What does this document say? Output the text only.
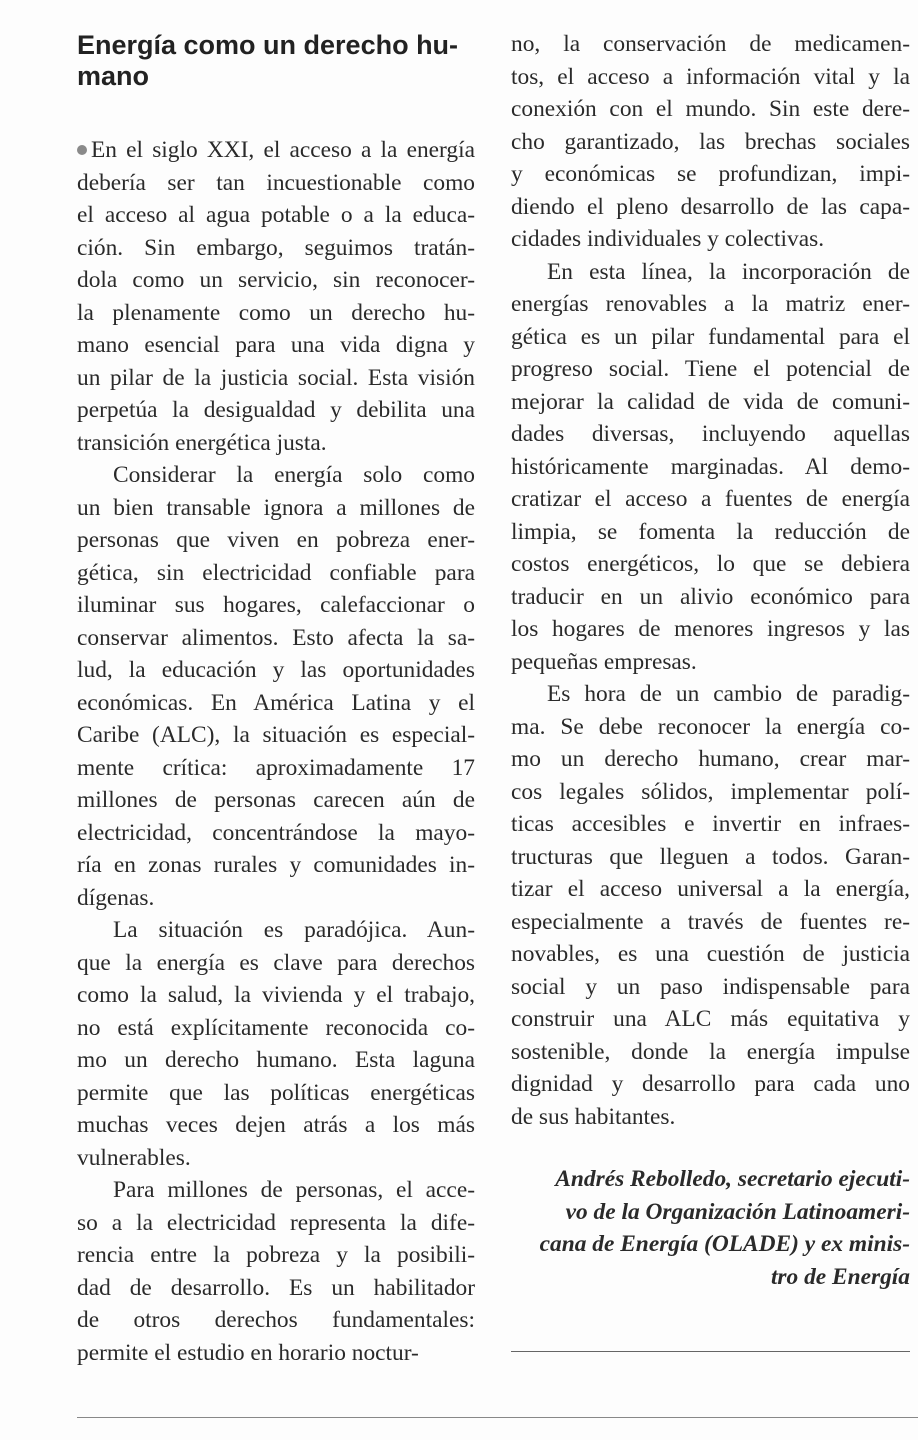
Energía como un derecho hu-
mano
En el siglo XXI, el acceso a la energía
debería ser tan incuestionable como
el acceso al agua potable o a la educa-
ción. Sin embargo, seguimos tratán-
dola como un servicio, sin reconocer-
la plenamente como un derecho hu-
mano esencial para una vida digna y
un pilar de la justicia social. Esta visión
perpetúa la desigualdad y debilita una
transición energética justa.
Considerar la energía solo como
un bien transable ignora a millones de
personas que viven en pobreza ener-
gética, sin electricidad confiable para
iluminar sus hogares, calefaccionar o
conservar alimentos. Esto afecta la sa-
lud, la educación y las oportunidades
económicas. En América Latina y el
Caribe (ALC), la situación es especial-
mente crítica: aproximadamente 17
millones de personas carecen aún de
electricidad, concentrándose la mayo-
ría en zonas rurales y comunidades in-
dígenas.
La situación es paradójica. Aun-
que la energía es clave para derechos
como la salud, la vivienda y el trabajo,
no está explícitamente reconocida co-
mo un derecho humano. Esta laguna
permite que las políticas energéticas
muchas veces dejen atrás a los más
vulnerables.
Para millones de personas, el acce-
so a la electricidad representa la dife-
rencia entre la pobreza y la posibili-
dad de desarrollo. Es un habilitador
de otros derechos fundamentales:
permite el estudio en horario noctur-
no, la conservación de medicamen-
tos, el acceso a información vital y la
conexión con el mundo. Sin este dere-
cho garantizado, las brechas sociales
y económicas se profundizan, impi-
diendo el pleno desarrollo de las capa-
cidades individuales y colectivas.
En esta línea, la incorporación de
energías renovables a la matriz ener-
gética es un pilar fundamental para el
progreso social. Tiene el potencial de
mejorar la calidad de vida de comuni-
dades diversas, incluyendo aquellas
históricamente marginadas. Al demo-
cratizar el acceso a fuentes de energía
limpia, se fomenta la reducción de
costos energéticos, lo que se debiera
traducir en un alivio económico para
los hogares de menores ingresos y las
pequeñas empresas.
Es hora de un cambio de paradig-
ma. Se debe reconocer la energía co-
mo un derecho humano, crear mar-
cos legales sólidos, implementar polí-
ticas accesibles e invertir en infraes-
tructuras que lleguen a todos. Garan-
tizar el acceso universal a la energía,
especialmente a través de fuentes re-
novables, es una cuestión de justicia
social y un paso indispensable para
construir una ALC más equitativa y
sostenible, donde la energía impulse
dignidad y desarrollo para cada uno
de sus habitantes.
Andrés Rebolledo, secretario ejecuti-
vo de la Organización Latinoameri-
cana de Energía (OLADE) y ex minis-
tro de Energía
